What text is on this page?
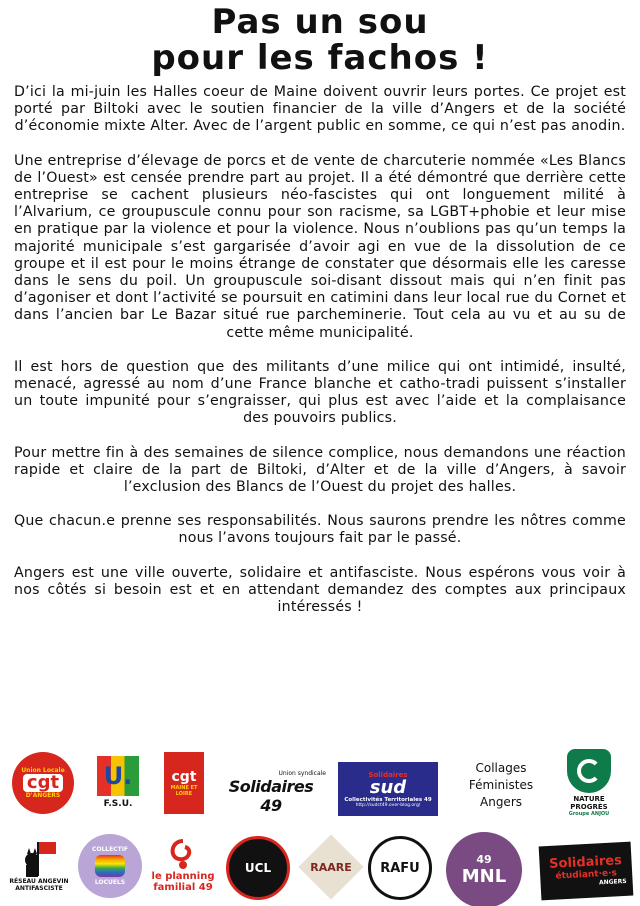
Pas un sou
pour les fachos !

D’ici la mi-juin les Halles coeur de Maine doivent ouvrir leurs portes. Ce projet est porté par Biltoki avec le soutien financier de la ville d’Angers et de la société d’économie mixte Alter. Avec de l’argent public en somme, ce qui n’est pas anodin.

Une entreprise d’élevage de porcs et de vente de charcuterie nommée «Les Blancs de l’Ouest» est censée prendre part au projet. Il a été démontré que derrière cette entreprise se cachent plusieurs néo-fascistes qui ont longuement milité à l’Alvarium, ce groupuscule connu pour son racisme, sa LGBT+phobie et leur mise en pratique par la violence et pour la violence. Nous n’oublions pas qu’un temps la majorité municipale s’est gargarisée d’avoir agi en vue de la dissolution de ce groupe et il est pour le moins étrange de constater que désormais elle les caresse dans le sens du poil. Un groupuscule soi-disant dissout mais qui n’en finit pas d’agoniser et dont l’activité se poursuit en catimini dans leur local rue du Cornet et dans l’ancien bar Le Bazar situé rue parcheminerie. Tout cela au vu et au su de cette même municipalité.

Il est hors de question que des militants d’une milice qui ont intimidé, insulté, menacé, agressé au nom d’une France blanche et catho-tradi puissent s’installer un toute impunité pour s’engraisser, qui plus est avec l’aide et la complaisance des pouvoirs publics.

Pour mettre fin à des semaines de silence complice, nous demandons une réaction rapide et claire de la part de Biltoki, d’Alter et de la ville d’Angers, à savoir l’exclusion des Blancs de l’Ouest du projet des halles.

Que chacun.e prenne ses responsabilités. Nous saurons prendre les nôtres comme nous l’avons toujours fait par le passé.

Angers est une ville ouverte, solidaire et antifasciste. Nous espérons vous voir à nos côtés si besoin est et en attendant demandez des comptes aux principaux intéressés !

Union Locale
cgt
D'ANGERS
U.
F.S.U.
cgt
MAINE ET LOIRE
Union syndicale
Solidaires 49
Solidaires
sud
Collectivités Territoriales 49
http://sudct49.over-blog.org/
Collages
Féministes
Angers	NATURE
PROGRÈS
Groupe ANJOU
RÉSEAU ANGEVIN
ANTIFASCISTE
COLLECTIF
LOCUELS
le planning
familial 49
UCL	RAARE RAFU
49
MNL
Solidaires
étudiant·e·s
ANGERS
